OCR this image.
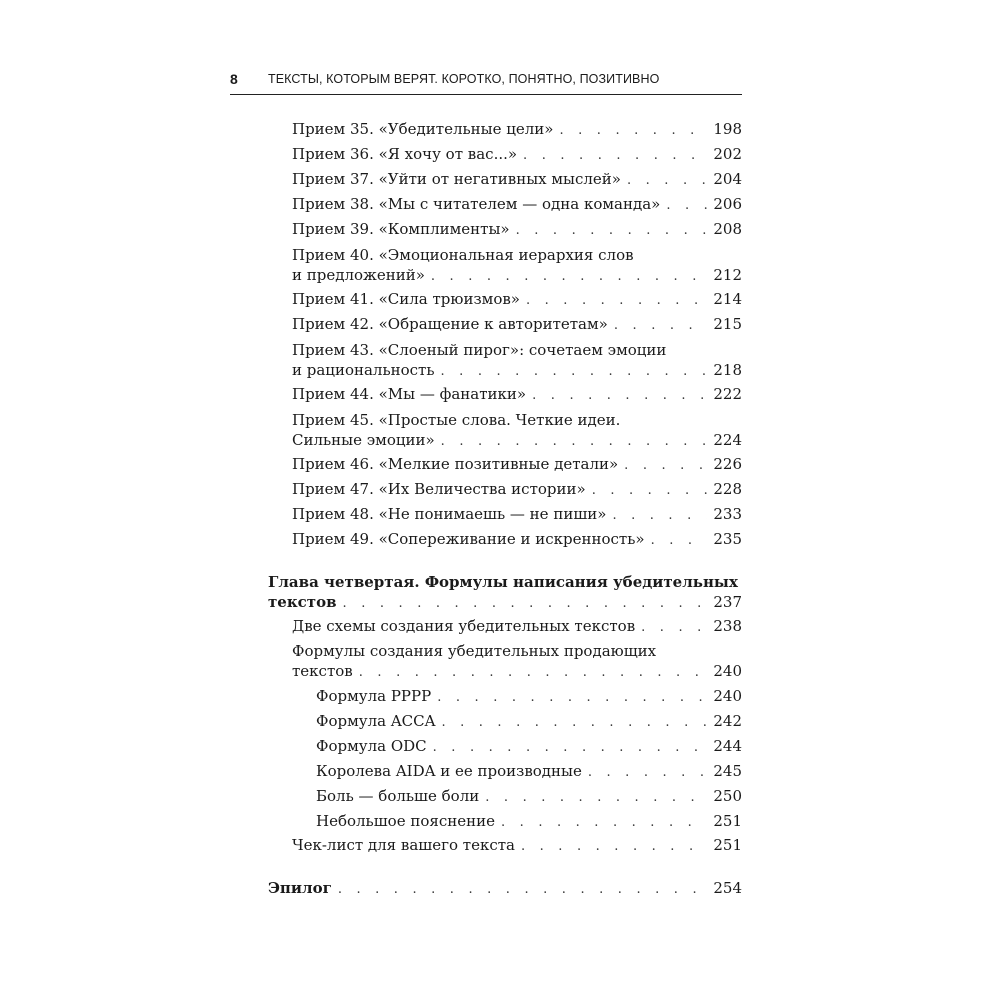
8 ТЕКСТЫ, КОТОРЫМ ВЕРЯТ. КОРОТКО, ПОНЯТНО, ПОЗИТИВНО
Прием 35. «Убедительные цели» . . .	198
Прием 36. «Я хочу от вас...» . . .	202
Прием 37. «Уйти от негативных мыслей» . . .	204
Прием 38. «Мы с читателем — одна команда» . . .	206
Прием 39. «Комплименты» . . .	208
Прием 40. «Эмоциональная иерархия слов
и предложений» . . .	212
Прием 41. «Сила трюизмов» . . .	214
Прием 42. «Обращение к авторитетам» . . .	215
Прием 43. «Слоеный пирог»: сочетаем эмоции
и рациональность . . .	218
Прием 44. «Мы — фанатики» . . .	222
Прием 45. «Простые слова. Четкие идеи.
Сильные эмоции» . . .	224
Прием 46. «Мелкие позитивные детали» . . .	226
Прием 47. «Их Величества истории» . . .	228
Прием 48. «Не понимаешь — не пиши» . . .	233
Прием 49. «Сопереживание и искренность» . . .	235
Глава четвертая. Формулы написания убедительных
текстов . . .	237
Две схемы создания убедительных текстов . . .	238
Формулы создания убедительных продающих
текстов . . .	240
Формула PPPP . . .	240
Формула ACCA . . .	242
Формула ODC . . .	244
Королева AIDA и ее производные . . .	245
Боль — больше боли . . .	250
Небольшое пояснение . . .	251
Чек-лист для вашего текста . . .	251
Эпилог . . .	254
